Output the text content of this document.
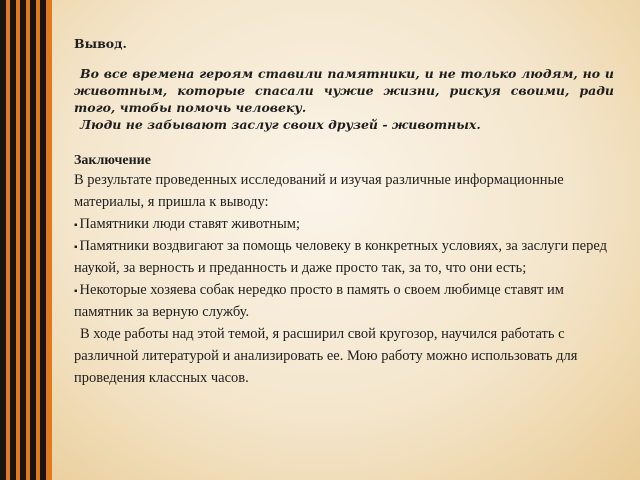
Вывод.

Во все времена героям ставили памятники, и не только людям, но и животным, которые спасали чужие жизни, рискуя своими, ради того, чтобы помочь человеку.
Люди не забывают заслуг своих друзей - животных.

Заключение

В результате проведенных исследований и изучая различные информационные материалы, я пришла к выводу:

▪ Памятники люди ставят животным;
▪ Памятники воздвигают за помощь человеку в конкретных условиях, за заслуги перед наукой, за верность и преданность и даже просто так, за то, что они есть;
▪ Некоторые хозяева собак нередко просто в память о своем любимце ставят им памятник за верную службу.

В ходе работы над этой темой, я расширил свой кругозор, научился работать с различной литературой и анализировать ее. Мою работу можно использовать для проведения классных часов.
